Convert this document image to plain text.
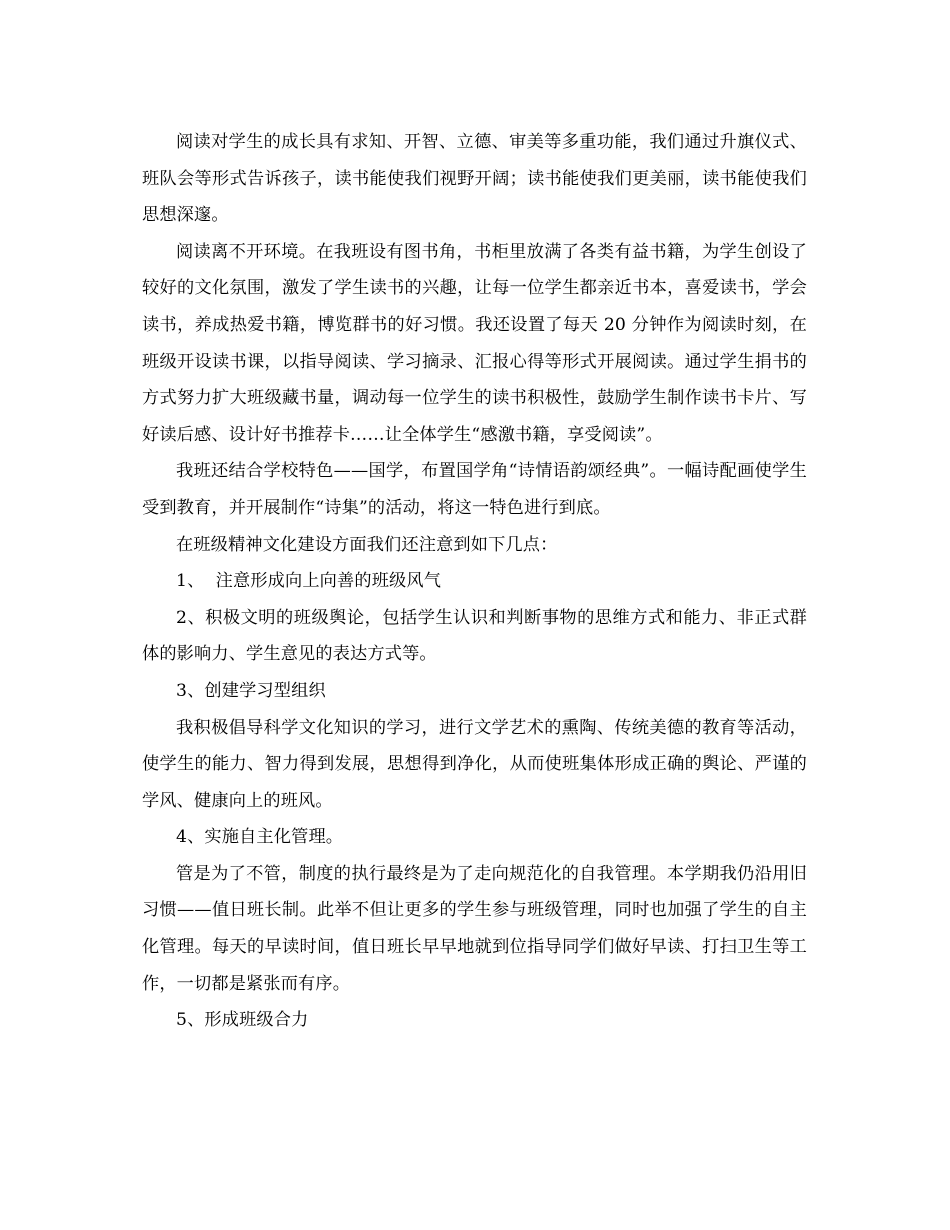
阅读对学生的成长具有求知、开智、立德、审美等多重功能，我们通过升旗仪式、班队会等形式告诉孩子，读书能使我们视野开阔；读书能使我们更美丽，读书能使我们思想深邃。

阅读离不开环境。在我班设有图书角，书柜里放满了各类有益书籍，为学生创设了较好的文化氛围，激发了学生读书的兴趣，让每一位学生都亲近书本，喜爱读书，学会读书，养成热爱书籍，博览群书的好习惯。我还设置了每天 20 分钟作为阅读时刻，在班级开设读书课，以指导阅读、学习摘录、汇报心得等形式开展阅读。通过学生捐书的方式努力扩大班级藏书量，调动每一位学生的读书积极性，鼓励学生制作读书卡片、写好读后感、设计好书推荐卡……让全体学生“感激书籍，享受阅读”。

我班还结合学校特色——国学，布置国学角“诗情语韵颂经典”。一幅诗配画使学生受到教育，并开展制作“诗集”的活动，将这一特色进行到底。

在班级精神文化建设方面我们还注意到如下几点：

1、  注意形成向上向善的班级风气

2、积极文明的班级舆论，包括学生认识和判断事物的思维方式和能力、非正式群体的影响力、学生意见的表达方式等。

3、创建学习型组织

我积极倡导科学文化知识的学习，进行文学艺术的熏陶、传统美德的教育等活动，使学生的能力、智力得到发展，思想得到净化，从而使班集体形成正确的舆论、严谨的学风、健康向上的班风。

4、实施自主化管理。

管是为了不管，制度的执行最终是为了走向规范化的自我管理。本学期我仍沿用旧习惯——值日班长制。此举不但让更多的学生参与班级管理，同时也加强了学生的自主化管理。每天的早读时间，值日班长早早地就到位指导同学们做好早读、打扫卫生等工作，一切都是紧张而有序。

5、形成班级合力
